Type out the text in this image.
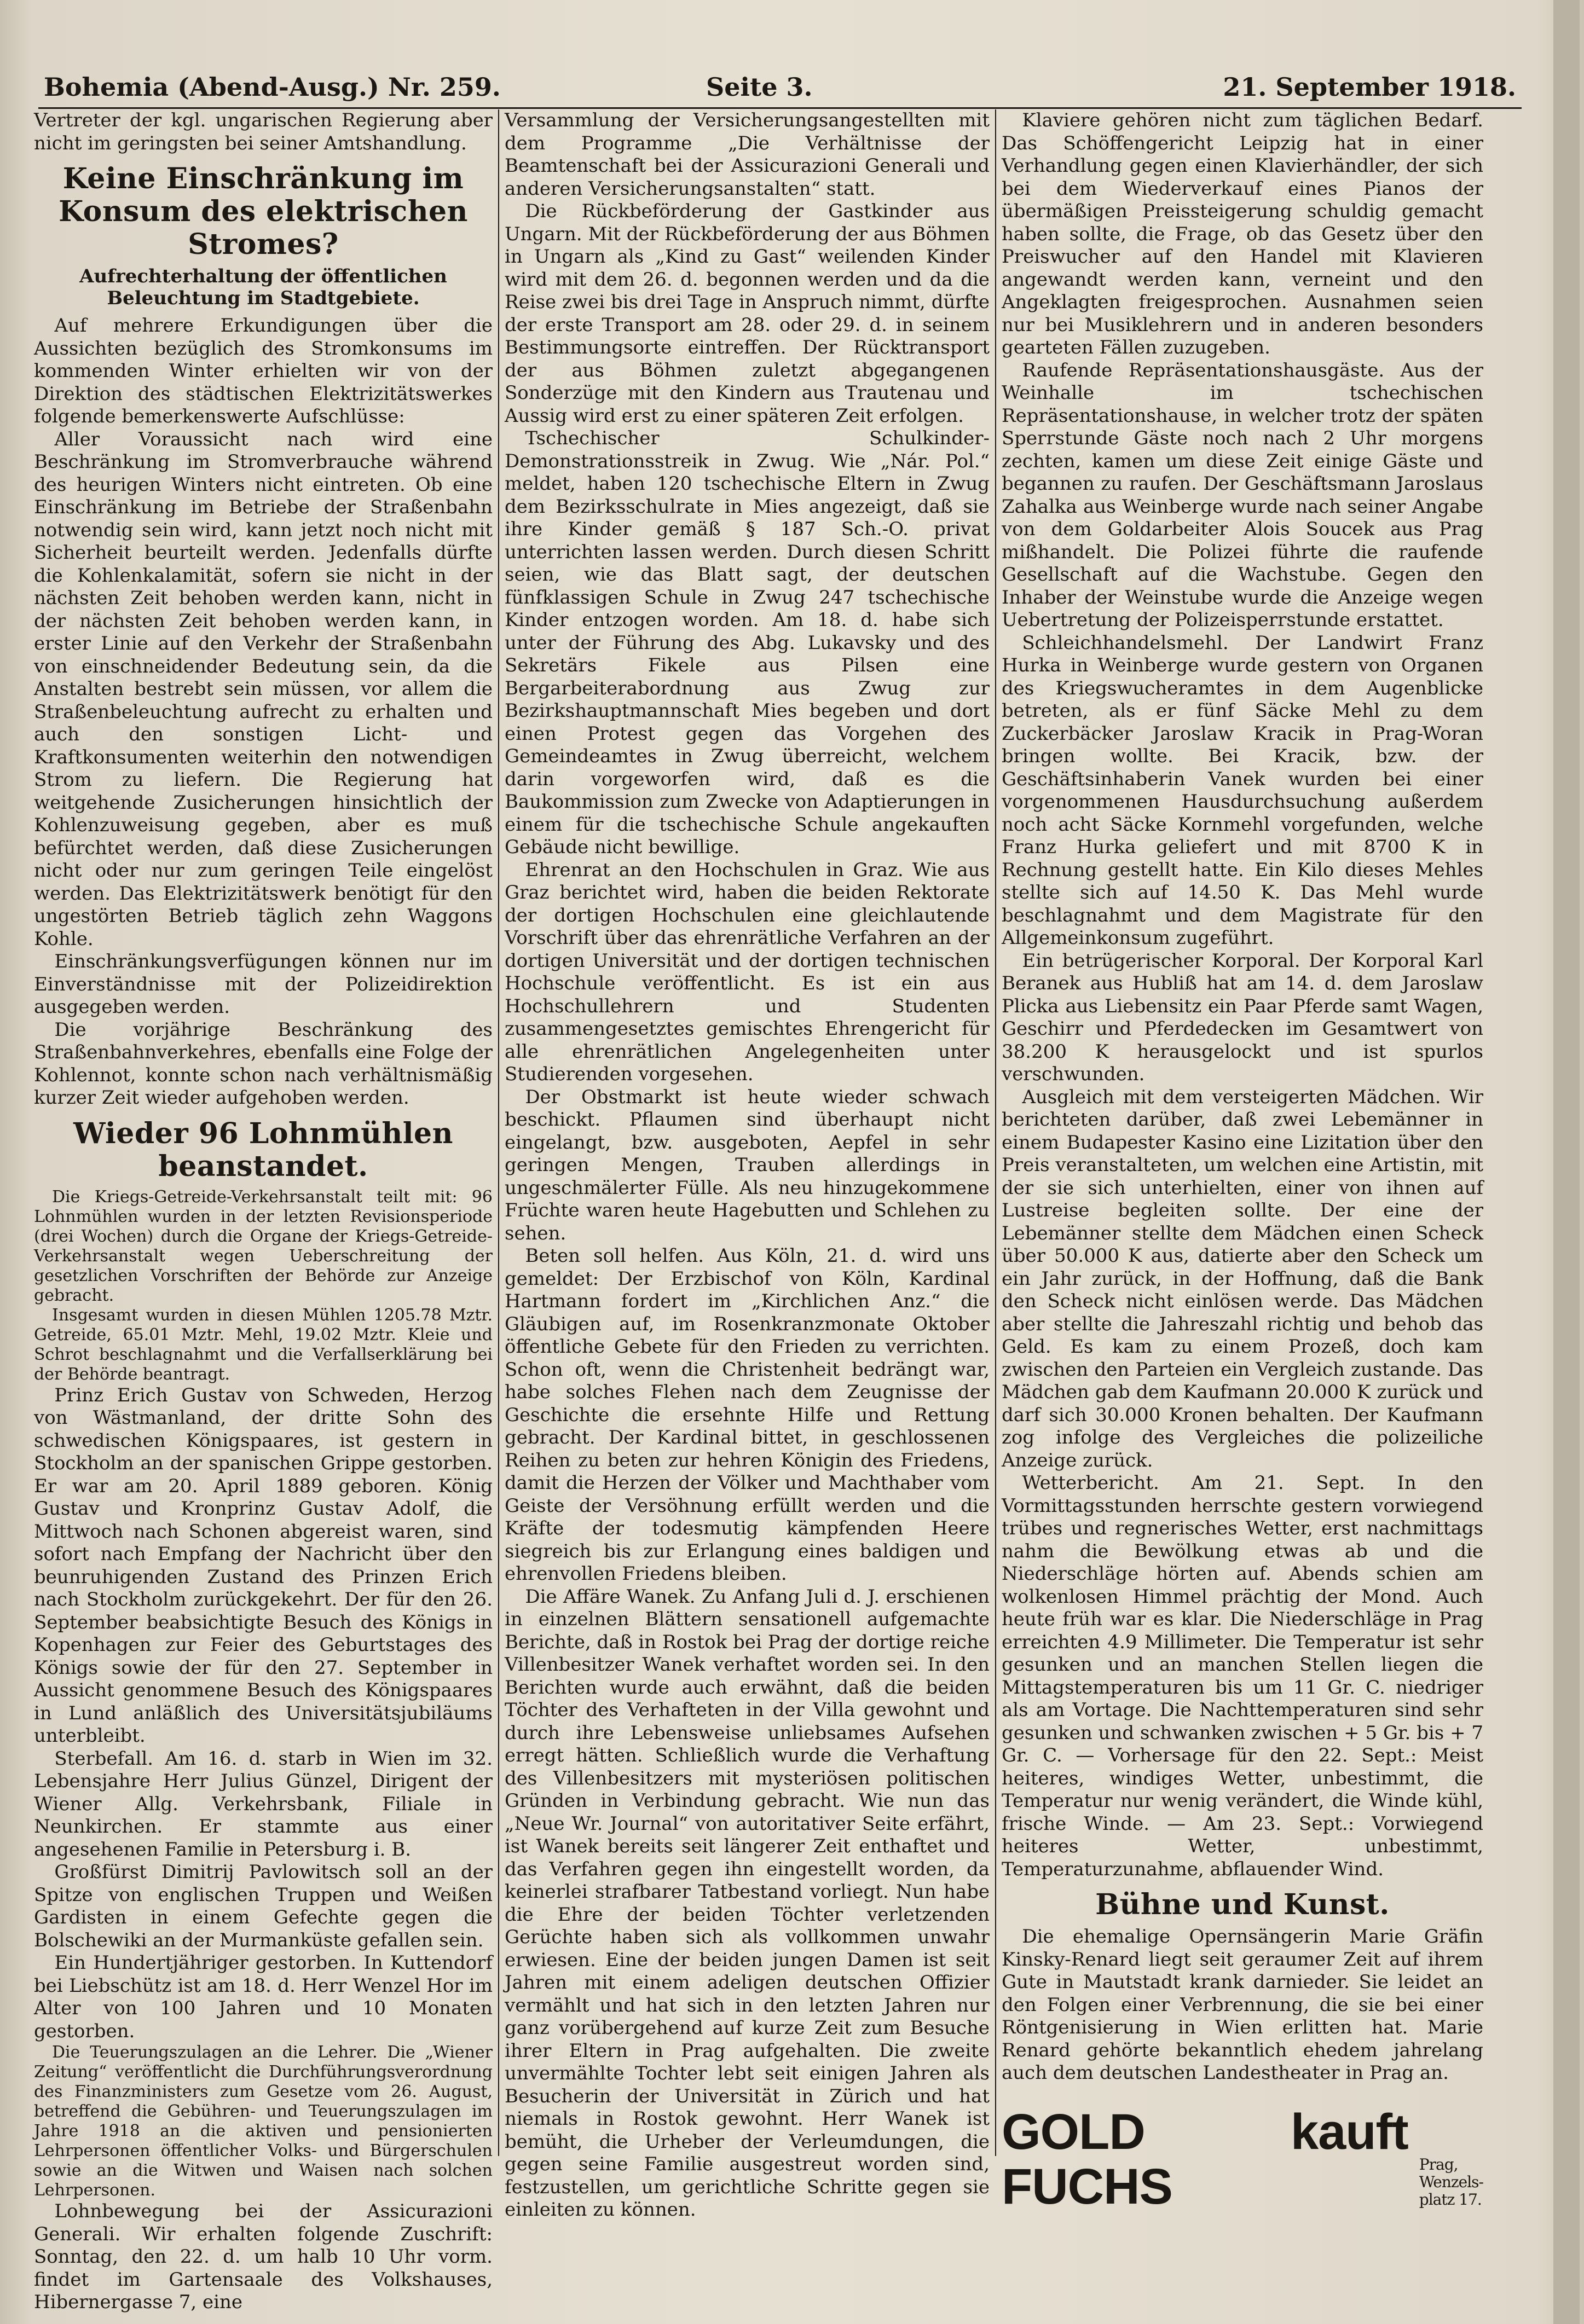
Bohemia (Abend-Ausg.) Nr. 259.	Seite 3.	21. September 1918.

Vertreter der kgl. ungarischen Regierung aber nicht im geringsten bei seiner Amtshandlung.

Keine Einschränkung im Konsum des elektrischen Stromes?
Aufrechterhaltung der öffentlichen Beleuchtung im Stadtgebiete.

Auf mehrere Erkundigungen über die Aussichten bezüglich des Stromkonsums im kommenden Winter erhielten wir von der Direktion des städtischen Elektrizitätswerkes folgende bemerkenswerte Aufschlüsse:

Aller Voraussicht nach wird eine Beschränkung im Stromverbrauche während des heurigen Winters nicht eintreten. Ob eine Einschränkung im Betriebe der Straßenbahn notwendig sein wird, kann jetzt noch nicht mit Sicherheit beurteilt werden. Jedenfalls dürfte die Kohlenkalamität, sofern sie nicht in der nächsten Zeit behoben werden kann, nicht in der nächsten Zeit behoben werden kann, in erster Linie auf den Verkehr der Straßenbahn von einschneidender Bedeutung sein, da die Anstalten bestrebt sein müssen, vor allem die Straßenbeleuchtung aufrecht zu erhalten und auch den sonstigen Licht- und Kraftkonsumenten weiterhin den notwendigen Strom zu liefern. Die Regierung hat weitgehende Zusicherungen hinsichtlich der Kohlenzuweisung gegeben, aber es muß befürchtet werden, daß diese Zusicherungen nicht oder nur zum geringen Teile eingelöst werden. Das Elektrizitätswerk benötigt für den ungestörten Betrieb täglich zehn Waggons Kohle.

Einschränkungsverfügungen können nur im Einverständnisse mit der Polizeidirektion ausgegeben werden.

Die vorjährige Beschränkung des Straßenbahnverkehres, ebenfalls eine Folge der Kohlennot, konnte schon nach verhältnismäßig kurzer Zeit wieder aufgehoben werden.

Wieder 96 Lohnmühlen beanstandet.

Die Kriegs-Getreide-Verkehrsanstalt teilt mit: 96 Lohnmühlen wurden in der letzten Revisionsperiode (drei Wochen) durch die Organe der Kriegs-Getreide-Verkehrsanstalt wegen Ueberschreitung der gesetzlichen Vorschriften der Behörde zur Anzeige gebracht.

Insgesamt wurden in diesen Mühlen 1205.78 Mztr. Getreide, 65.01 Mztr. Mehl, 19.02 Mztr. Kleie und Schrot beschlagnahmt und die Verfallserklärung bei der Behörde beantragt.

Prinz Erich Gustav von Schweden, Herzog von Wästmanland, der dritte Sohn des schwedischen Königspaares, ist gestern in Stockholm an der spanischen Grippe gestorben. Er war am 20. April 1889 geboren. König Gustav und Kronprinz Gustav Adolf, die Mittwoch nach Schonen abgereist waren, sind sofort nach Empfang der Nachricht über den beunruhigenden Zustand des Prinzen Erich nach Stockholm zurückgekehrt. Der für den 26. September beabsichtigte Besuch des Königs in Kopenhagen zur Feier des Geburtstages des Königs sowie der für den 27. September in Aussicht genommene Besuch des Königspaares in Lund anläßlich des Universitätsjubiläums unterbleibt.

Sterbefall. Am 16. d. starb in Wien im 32. Lebensjahre Herr Julius Günzel, Dirigent der Wiener Allg. Verkehrsbank, Filiale in Neunkirchen. Er stammte aus einer angesehenen Familie in Petersburg i. B.

Großfürst Dimitrij Pavlowitsch soll an der Spitze von englischen Truppen und Weißen Gardisten in einem Gefechte gegen die Bolschewiki an der Murmanküste gefallen sein.

Ein Hundertjähriger gestorben. In Kuttendorf bei Liebschütz ist am 18. d. Herr Wenzel Hor im Alter von 100 Jahren und 10 Monaten gestorben.

Die Teuerungszulagen an die Lehrer. Die „Wiener Zeitung“ veröffentlicht die Durchführungsverordnung des Finanzministers zum Gesetze vom 26. August, betreffend die Gebühren- und Teuerungszulagen im Jahre 1918 an die aktiven und pensionierten Lehrpersonen öffentlicher Volks- und Bürgerschulen sowie an die Witwen und Waisen nach solchen Lehrpersonen.

Lohnbewegung bei der Assicurazioni Generali. Wir erhalten folgende Zuschrift: Sonntag, den 22. d. um halb 10 Uhr vorm. findet im Gartensaale des Volkshauses, Hibernergasse 7, eine

Versammlung der Versicherungsangestellten mit dem Programme „Die Verhältnisse der Beamtenschaft bei der Assicurazioni Generali und anderen Versicherungsanstalten“ statt.

Die Rückbeförderung der Gastkinder aus Ungarn. Mit der Rückbeförderung der aus Böhmen in Ungarn als „Kind zu Gast“ weilenden Kinder wird mit dem 26. d. begonnen werden und da die Reise zwei bis drei Tage in Anspruch nimmt, dürfte der erste Transport am 28. oder 29. d. in seinem Bestimmungsorte eintreffen. Der Rücktransport der aus Böhmen zuletzt abgegangenen Sonderzüge mit den Kindern aus Trautenau und Aussig wird erst zu einer späteren Zeit erfolgen.

Tschechischer Schulkinder-Demonstrationsstreik in Zwug. Wie „Nár. Pol.“ meldet, haben 120 tschechische Eltern in Zwug dem Bezirksschulrate in Mies angezeigt, daß sie ihre Kinder gemäß § 187 Sch.-O. privat unterrichten lassen werden. Durch diesen Schritt seien, wie das Blatt sagt, der deutschen fünfklassigen Schule in Zwug 247 tschechische Kinder entzogen worden. Am 18. d. habe sich unter der Führung des Abg. Lukavsky und des Sekretärs Fikele aus Pilsen eine Bergarbeiterabordnung aus Zwug zur Bezirkshauptmannschaft Mies begeben und dort einen Protest gegen das Vorgehen des Gemeindeamtes in Zwug überreicht, welchem darin vorgeworfen wird, daß es die Baukommission zum Zwecke von Adaptierungen in einem für die tschechische Schule angekauften Gebäude nicht bewillige.

Ehrenrat an den Hochschulen in Graz. Wie aus Graz berichtet wird, haben die beiden Rektorate der dortigen Hochschulen eine gleichlautende Vorschrift über das ehrenrätliche Verfahren an der dortigen Universität und der dortigen technischen Hochschule veröffentlicht. Es ist ein aus Hochschullehrern und Studenten zusammengesetztes gemischtes Ehrengericht für alle ehrenrätlichen Angelegenheiten unter Studierenden vorgesehen.

Der Obstmarkt ist heute wieder schwach beschickt. Pflaumen sind überhaupt nicht eingelangt, bzw. ausgeboten, Aepfel in sehr geringen Mengen, Trauben allerdings in ungeschmälerter Fülle. Als neu hinzugekommene Früchte waren heute Hagebutten und Schlehen zu sehen.

Beten soll helfen. Aus Köln, 21. d. wird uns gemeldet: Der Erzbischof von Köln, Kardinal Hartmann fordert im „Kirchlichen Anz.“ die Gläubigen auf, im Rosenkranzmonate Oktober öffentliche Gebete für den Frieden zu verrichten. Schon oft, wenn die Christenheit bedrängt war, habe solches Flehen nach dem Zeugnisse der Geschichte die ersehnte Hilfe und Rettung gebracht. Der Kardinal bittet, in geschlossenen Reihen zu beten zur hehren Königin des Friedens, damit die Herzen der Völker und Machthaber vom Geiste der Versöhnung erfüllt werden und die Kräfte der todesmutig kämpfenden Heere siegreich bis zur Erlangung eines baldigen und ehrenvollen Friedens bleiben.

Die Affäre Wanek. Zu Anfang Juli d. J. erschienen in einzelnen Blättern sensationell aufgemachte Berichte, daß in Rostok bei Prag der dortige reiche Villenbesitzer Wanek verhaftet worden sei. In den Berichten wurde auch erwähnt, daß die beiden Töchter des Verhafteten in der Villa gewohnt und durch ihre Lebensweise unliebsames Aufsehen erregt hätten. Schließlich wurde die Verhaftung des Villenbesitzers mit mysteriösen politischen Gründen in Verbindung gebracht. Wie nun das „Neue Wr. Journal“ von autoritativer Seite erfährt, ist Wanek bereits seit längerer Zeit enthaftet und das Verfahren gegen ihn eingestellt worden, da keinerlei strafbarer Tatbestand vorliegt. Nun habe die Ehre der beiden Töchter verletzenden Gerüchte haben sich als vollkommen unwahr erwiesen. Eine der beiden jungen Damen ist seit Jahren mit einem adeligen deutschen Offizier vermählt und hat sich in den letzten Jahren nur ganz vorübergehend auf kurze Zeit zum Besuche ihrer Eltern in Prag aufgehalten. Die zweite unvermählte Tochter lebt seit einigen Jahren als Besucherin der Universität in Zürich und hat niemals in Rostok gewohnt. Herr Wanek ist bemüht, die Urheber der Verleumdungen, die gegen seine Familie ausgestreut worden sind, festzustellen, um gerichtliche Schritte gegen sie einleiten zu können.

Klaviere gehören nicht zum täglichen Bedarf. Das Schöffengericht Leipzig hat in einer Verhandlung gegen einen Klavierhändler, der sich bei dem Wiederverkauf eines Pianos der übermäßigen Preissteigerung schuldig gemacht haben sollte, die Frage, ob das Gesetz über den Preiswucher auf den Handel mit Klavieren angewandt werden kann, verneint und den Angeklagten freigesprochen. Ausnahmen seien nur bei Musiklehrern und in anderen besonders gearteten Fällen zuzugeben.

Raufende Repräsentationshausgäste. Aus der Weinhalle im tschechischen Repräsentationshause, in welcher trotz der späten Sperrstunde Gäste noch nach 2 Uhr morgens zechten, kamen um diese Zeit einige Gäste und begannen zu raufen. Der Geschäftsmann Jaroslaus Zahalka aus Weinberge wurde nach seiner Angabe von dem Goldarbeiter Alois Soucek aus Prag mißhandelt. Die Polizei führte die raufende Gesellschaft auf die Wachstube. Gegen den Inhaber der Weinstube wurde die Anzeige wegen Uebertretung der Polizeisperrstunde erstattet.

Schleichhandelsmehl. Der Landwirt Franz Hurka in Weinberge wurde gestern von Organen des Kriegswucheramtes in dem Augenblicke betreten, als er fünf Säcke Mehl zu dem Zuckerbäcker Jaroslaw Kracik in Prag-Woran bringen wollte. Bei Kracik, bzw. der Geschäftsinhaberin Vanek wurden bei einer vorgenommenen Hausdurchsuchung außerdem noch acht Säcke Kornmehl vorgefunden, welche Franz Hurka geliefert und mit 8700 K in Rechnung gestellt hatte. Ein Kilo dieses Mehles stellte sich auf 14.50 K. Das Mehl wurde beschlagnahmt und dem Magistrate für den Allgemeinkonsum zugeführt.

Ein betrügerischer Korporal. Der Korporal Karl Beranek aus Hubliß hat am 14. d. dem Jaroslaw Plicka aus Liebensitz ein Paar Pferde samt Wagen, Geschirr und Pferdedecken im Gesamtwert von 38.200 K herausgelockt und ist spurlos verschwunden.

Ausgleich mit dem versteigerten Mädchen. Wir berichteten darüber, daß zwei Lebemänner in einem Budapester Kasino eine Lizitation über den Preis veranstalteten, um welchen eine Artistin, mit der sie sich unterhielten, einer von ihnen auf Lustreise begleiten sollte. Der eine der Lebemänner stellte dem Mädchen einen Scheck über 50.000 K aus, datierte aber den Scheck um ein Jahr zurück, in der Hoffnung, daß die Bank den Scheck nicht einlösen werde. Das Mädchen aber stellte die Jahreszahl richtig und behob das Geld. Es kam zu einem Prozeß, doch kam zwischen den Parteien ein Vergleich zustande. Das Mädchen gab dem Kaufmann 20.000 K zurück und darf sich 30.000 Kronen behalten. Der Kaufmann zog infolge des Vergleiches die polizeiliche Anzeige zurück.

Wetterbericht. Am 21. Sept. In den Vormittagsstunden herrschte gestern vorwiegend trübes und regnerisches Wetter, erst nachmittags nahm die Bewölkung etwas ab und die Niederschläge hörten auf. Abends schien am wolkenlosen Himmel prächtig der Mond. Auch heute früh war es klar. Die Niederschläge in Prag erreichten 4.9 Millimeter. Die Temperatur ist sehr gesunken und an manchen Stellen liegen die Mittagstemperaturen bis um 11 Gr. C. niedriger als am Vortage. Die Nachttemperaturen sind sehr gesunken und schwanken zwischen + 5 Gr. bis + 7 Gr. C. — Vorhersage für den 22. Sept.: Meist heiteres, windiges Wetter, unbestimmt, die Temperatur nur wenig verändert, die Winde kühl, frische Winde. — Am 23. Sept.: Vorwiegend heiteres Wetter, unbestimmt, Temperaturzunahme, abflauender Wind.

Bühne und Kunst.

Die ehemalige Opernsängerin Marie Gräfin Kinsky-Renard liegt seit geraumer Zeit auf ihrem Gute in Mautstadt krank darnieder. Sie leidet an den Folgen einer Verbrennung, die sie bei einer Röntgenisierung in Wien erlitten hat. Marie Renard gehörte bekanntlich ehedem jahrelang auch dem deutschen Landestheater in Prag an.

GOLD kauft FUCHS	Prag,
Wenzels-
platz 17.
